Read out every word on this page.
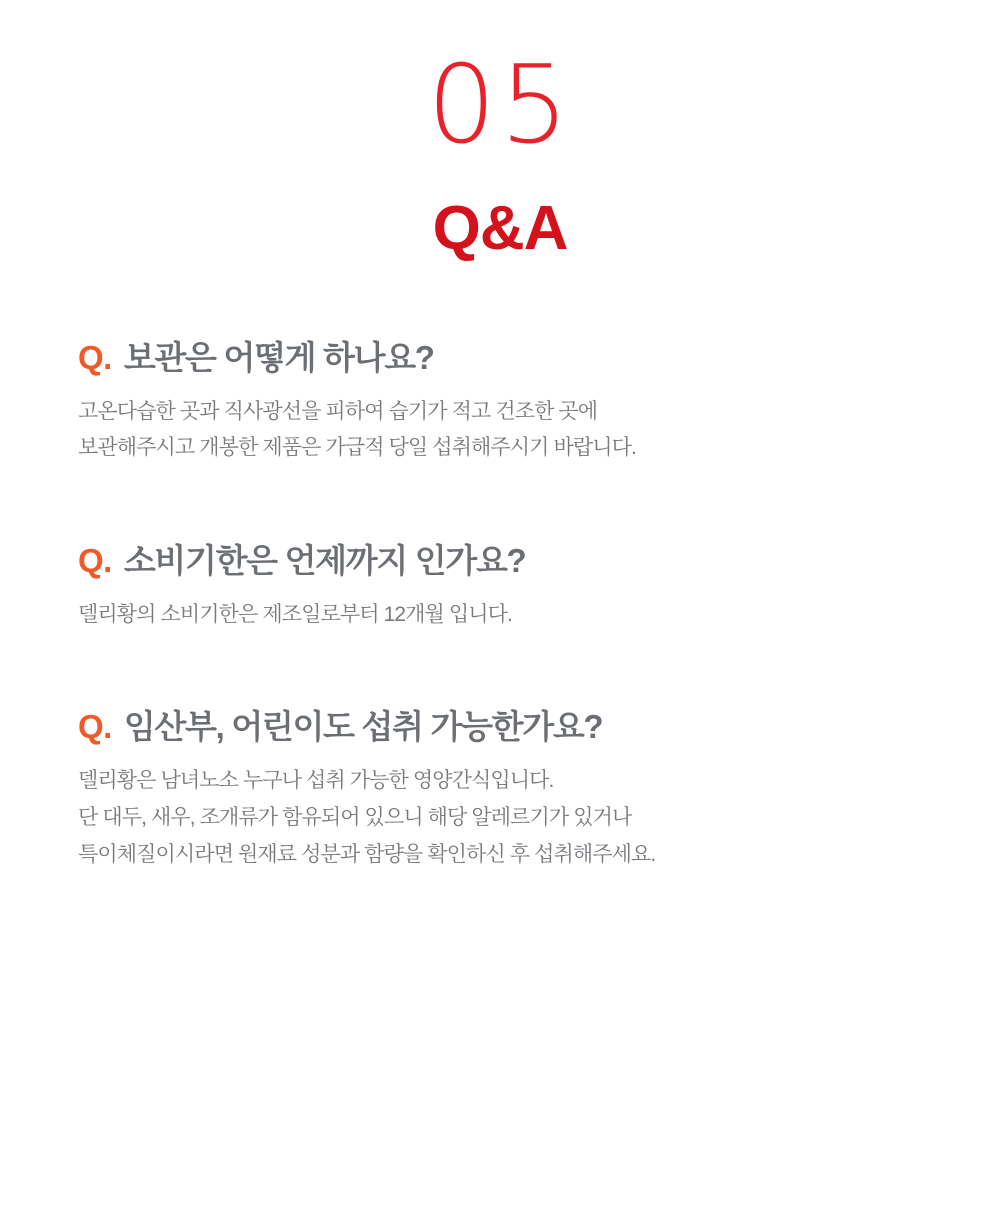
05
Q&A
Q. 보관은 어떻게 하나요?
고온다습한 곳과 직사광선을 피하여 습기가 적고 건조한 곳에
보관해주시고 개봉한 제품은 가급적 당일 섭취해주시기 바랍니다.
Q. 소비기한은 언제까지 인가요?
델리황의 소비기한은 제조일로부터 12개월 입니다.
Q. 임산부, 어린이도 섭취 가능한가요?
델리황은 남녀노소 누구나 섭취 가능한 영양간식입니다.
단 대두, 새우, 조개류가 함유되어 있으니 해당 알레르기가 있거나
특이체질이시라면 원재료 성분과 함량을 확인하신 후 섭취해주세요.
